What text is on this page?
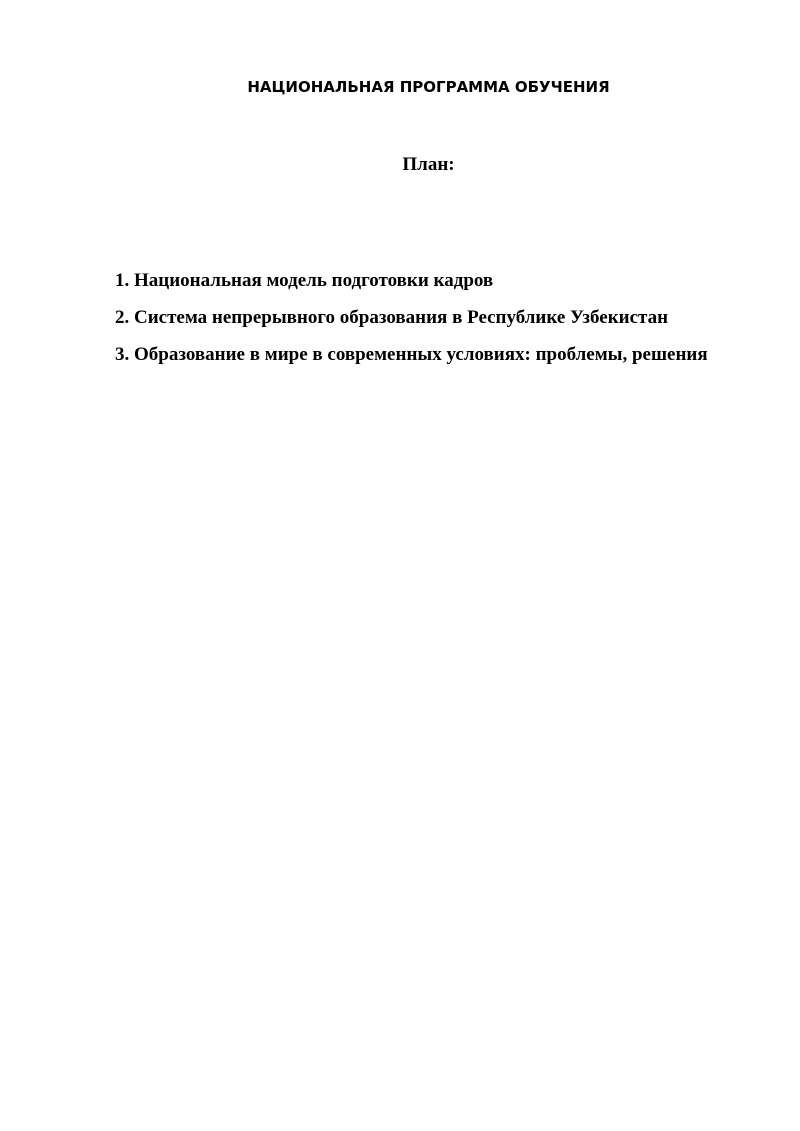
НАЦИОНАЛЬНАЯ ПРОГРАММА ОБУЧЕНИЯ
План:
1. Национальная модель подготовки кадров
2. Система непрерывного образования в Республике Узбекистан
3. Образование в мире в современных условиях: проблемы, решения
